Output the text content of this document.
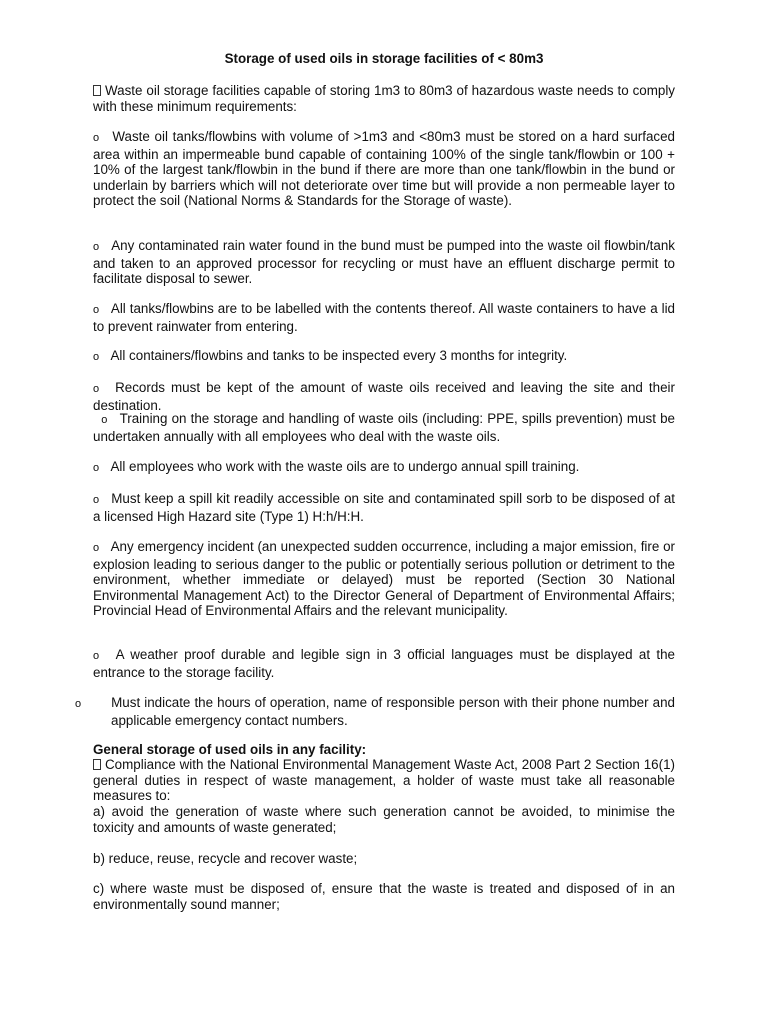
Storage of used oils in storage facilities of < 80m3

Waste oil storage facilities capable of storing 1m3 to 80m3 of hazardous waste needs to comply with these minimum requirements:

o Waste oil tanks/flowbins with volume of >1m3 and <80m3 must be stored on a hard surfaced area within an impermeable bund capable of containing 100% of the single tank/flowbin or 100 + 10% of the largest tank/flowbin in the bund if there are more than one tank/flowbin in the bund or underlain by barriers which will not deteriorate over time but will provide a non permeable layer to protect the soil (National Norms & Standards for the Storage of waste).

o Any contaminated rain water found in the bund must be pumped into the waste oil flowbin/tank and taken to an approved processor for recycling or must have an effluent discharge permit to facilitate disposal to sewer.

o All tanks/flowbins are to be labelled with the contents thereof. All waste containers to have a lid to prevent rainwater from entering.

o All containers/flowbins and tanks to be inspected every 3 months for integrity.

o Records must be kept of the amount of waste oils received and leaving the site and their destination.

o Training on the storage and handling of waste oils (including: PPE, spills prevention) must be undertaken annually with all employees who deal with the waste oils.

o All employees who work with the waste oils are to undergo annual spill training.

o Must keep a spill kit readily accessible on site and contaminated spill sorb to be disposed of at a licensed High Hazard site (Type 1) H:h/H:H.

o Any emergency incident (an unexpected sudden occurrence, including a major emission, fire or explosion leading to serious danger to the public or potentially serious pollution or detriment to the environment, whether immediate or delayed) must be reported (Section 30 National Environmental Management Act) to the Director General of Department of Environmental Affairs; Provincial Head of Environmental Affairs and the relevant municipality.

o A weather proof durable and legible sign in 3 official languages must be displayed at the entrance to the storage facility.

o Must indicate the hours of operation, name of responsible person with their phone number and applicable emergency contact numbers.

General storage of used oils in any facility:

Compliance with the National Environmental Management Waste Act, 2008 Part 2 Section 16(1) general duties in respect of waste management, a holder of waste must take all reasonable measures to:

a) avoid the generation of waste where such generation cannot be avoided, to minimise the toxicity and amounts of waste generated;

b) reduce, reuse, recycle and recover waste;

c) where waste must be disposed of, ensure that the waste is treated and disposed of in an environmentally sound manner;
